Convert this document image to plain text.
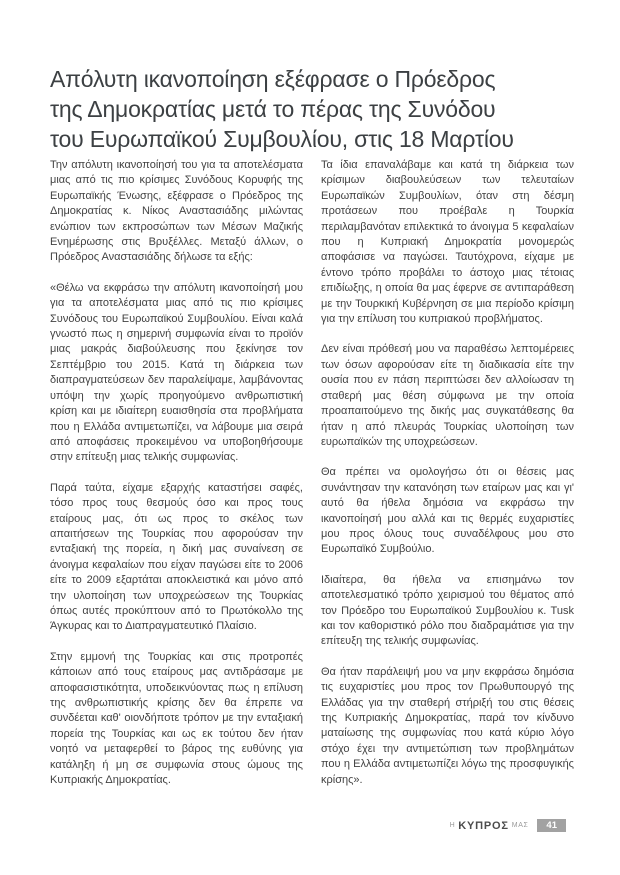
Απόλυτη ικανοποίηση εξέφρασε ο Πρόεδρος
της Δημοκρατίας μετά το πέρας της Συνόδου
του Ευρωπαϊκού Συμβουλίου, στις 18 Μαρτίου

Την απόλυτη ικανοποίησή του για τα αποτελέσματα μιας από τις πιο κρίσιμες Συνόδους Κορυφής της Ευρωπαϊκής Ένωσης, εξέφρασε ο Πρόεδρος της Δημοκρατίας κ. Νίκος Αναστασιάδης μιλώντας ενώπιον των εκπροσώπων των Μέσων Μαζικής Ενημέρωσης στις Βρυξέλλες. Μεταξύ άλλων, ο Πρόεδρος Αναστασιάδης δήλωσε τα εξής:

«Θέλω να εκφράσω την απόλυτη ικανοποίησή μου για τα αποτελέσματα μιας από τις πιο κρίσιμες Συνόδους του Ευρωπαϊκού Συμβουλίου. Είναι καλά γνωστό πως η σημερινή συμφωνία είναι το προϊόν μιας μακράς διαβούλευσης που ξεκίνησε τον Σεπτέμβριο του 2015. Κατά τη διάρκεια των διαπραγματεύσεων δεν παραλείψαμε, λαμβάνοντας υπόψη την χωρίς προηγούμενο ανθρωπιστική κρίση και με ιδιαίτερη ευαισθησία στα προβλήματα που η Ελλάδα αντιμετωπίζει, να λάβουμε μια σειρά από αποφάσεις προκειμένου να υποβοηθήσουμε στην επίτευξη μιας τελικής συμφωνίας.

Παρά ταύτα, είχαμε εξαρχής καταστήσει σαφές, τόσο προς τους θεσμούς όσο και προς τους εταίρους μας, ότι ως προς το σκέλος των απαιτήσεων της Τουρκίας που αφορούσαν την ενταξιακή της πορεία, η δική μας συναίνεση σε άνοιγμα κεφαλαίων που είχαν παγώσει είτε το 2006 είτε το 2009 εξαρτάται αποκλειστικά και μόνο από την υλοποίηση των υποχρεώσεων της Τουρκίας όπως αυτές προκύπτουν από το Πρωτόκολλο της Άγκυρας και το Διαπραγματευτικό Πλαίσιο.

Στην εμμονή της Τουρκίας και στις προτροπές κάποιων από τους εταίρους μας αντιδράσαμε με αποφασιστικότητα, υποδεικνύοντας πως η επίλυση της ανθρωπιστικής κρίσης δεν θα έπρεπε να συνδέεται καθ' οιονδήποτε τρόπον με την ενταξιακή πορεία της Τουρκίας και ως εκ τούτου δεν ήταν νοητό να μεταφερθεί το βάρος της ευθύνης για κατάληξη ή μη σε συμφωνία στους ώμους της Κυπριακής Δημοκρατίας.

Τα ίδια επαναλάβαμε και κατά τη διάρκεια των κρίσιμων διαβουλεύσεων των τελευταίων Ευρωπαϊκών Συμβουλίων, όταν στη δέσμη προτάσεων που προέβαλε η Τουρκία περιλαμβανόταν επιλεκτικά το άνοιγμα 5 κεφαλαίων που η Κυπριακή Δημοκρατία μονομερώς αποφάσισε να παγώσει. Ταυτόχρονα, είχαμε με έντονο τρόπο προβάλει το άστοχο μιας τέτοιας επιδίωξης, η οποία θα μας έφερνε σε αντιπαράθεση με την Τουρκική Κυβέρνηση σε μια περίοδο κρίσιμη για την επίλυση του κυπριακού προβλήματος.

Δεν είναι πρόθεσή μου να παραθέσω λεπτομέρειες των όσων αφορούσαν είτε τη διαδικασία είτε την ουσία που εν πάση περιπτώσει δεν αλλοίωσαν τη σταθερή μας θέση σύμφωνα με την οποία προαπαιτούμενο της δικής μας συγκατάθεσης θα ήταν η από πλευράς Τουρκίας υλοποίηση των ευρωπαϊκών της υποχρεώσεων.

Θα πρέπει να ομολογήσω ότι οι θέσεις μας συνάντησαν την κατανόηση των εταίρων μας και γι' αυτό θα ήθελα δημόσια να εκφράσω την ικανοποίησή μου αλλά και τις θερμές ευχαριστίες μου προς όλους τους συναδέλφους μου στο Ευρωπαϊκό Συμβούλιο.

Ιδιαίτερα, θα ήθελα να επισημάνω τον αποτελεσματικό τρόπο χειρισμού του θέματος από τον Πρόεδρο του Ευρωπαϊκού Συμβουλίου κ. Tusk και τον καθοριστικό ρόλο που διαδραμάτισε για την επίτευξη της τελικής συμφωνίας.

Θα ήταν παράλειψή μου να μην εκφράσω δημόσια τις ευχαριστίες μου προς τον Πρωθυπουργό της Ελλάδας για την σταθερή στήριξή του στις θέσεις της Κυπριακής Δημοκρατίας, παρά τον κίνδυνο ματαίωσης της συμφωνίας που κατά κύριο λόγο στόχο έχει την αντιμετώπιση των προβλημάτων που η Ελλάδα αντιμετωπίζει λόγω της προσφυγικής κρίσης».

Η ΚΥΠΡΟΣ ΜΑΣ	41
